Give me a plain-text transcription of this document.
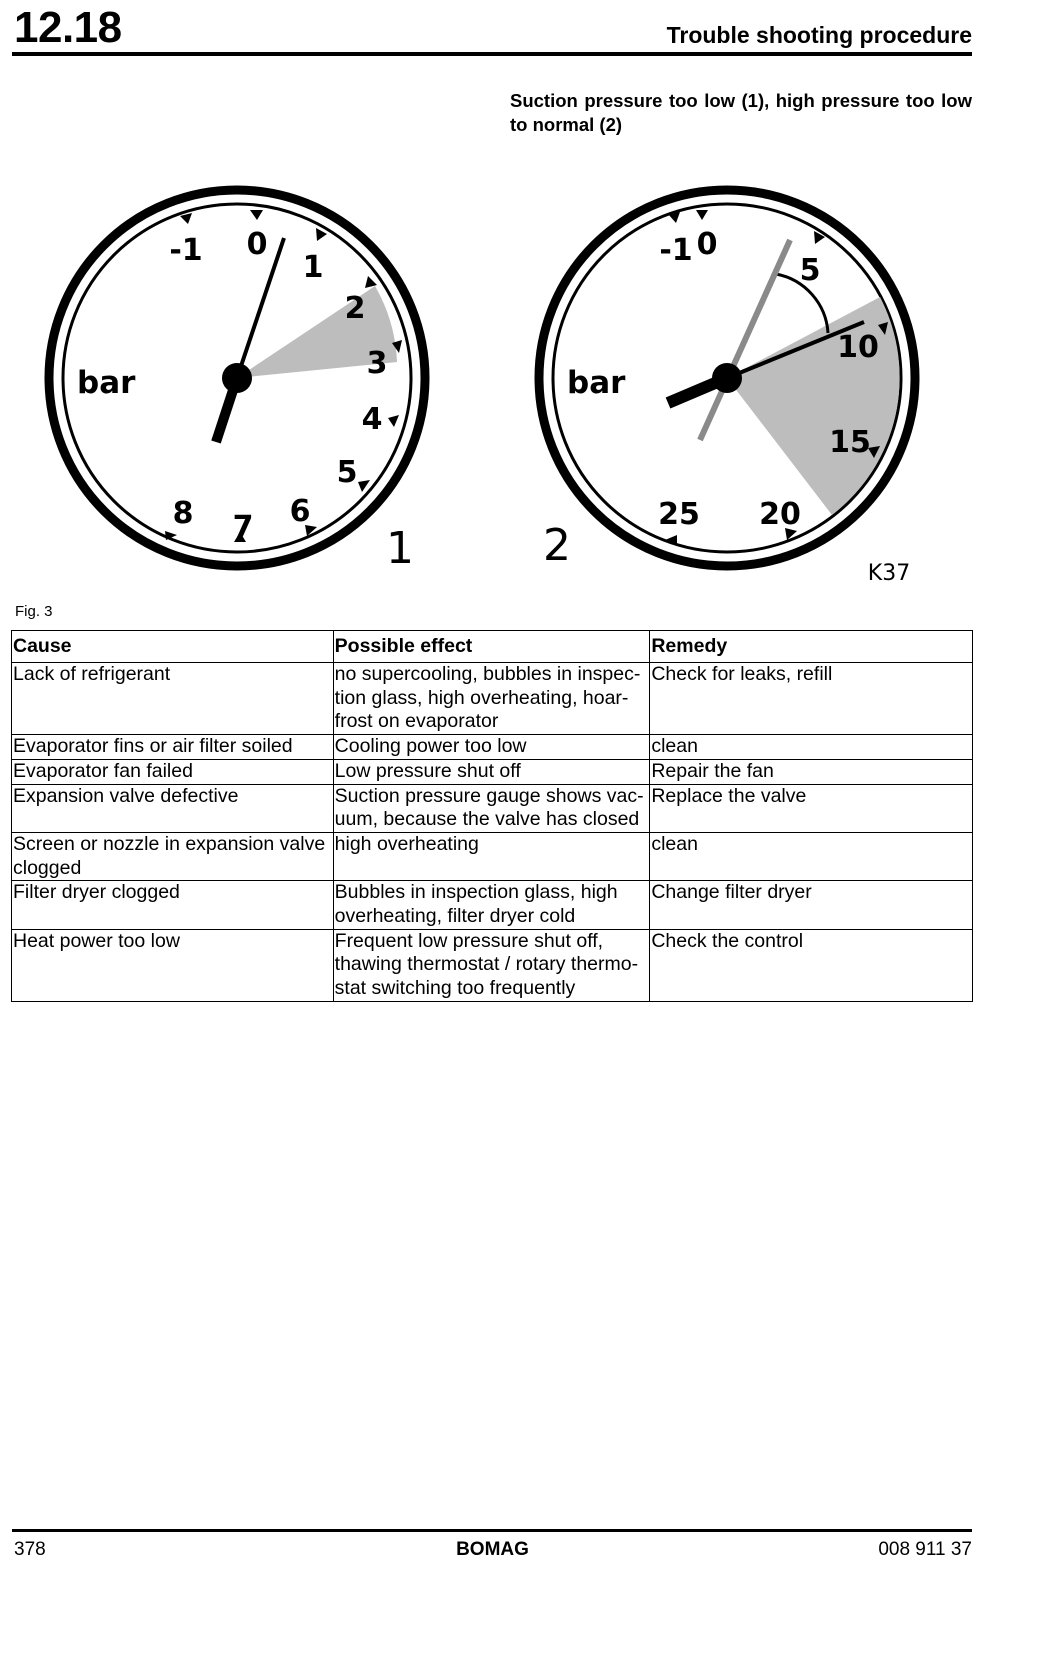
12.18	Trouble shooting procedure
Suction pressure too low (1), high pressure too low to normal (2)
-1 0
1
2
3
4
5
6
7
8
bar
1
-1 0
5
10
15
20
25
bar
2
K37
Fig. 3
Cause	Possible effect	Remedy
Lack of refrigerant	no supercooling, bubbles in inspec-
tion glass, high overheating, hoar-
frost on evaporator	Check for leaks, refill
Evaporator fins or air filter soiled	Cooling power too low	clean
Evaporator fan failed	Low pressure shut off	Repair the fan
Expansion valve defective	Suction pressure gauge shows vac-
uum, because the valve has closed	Replace the valve
Screen or nozzle in expansion valve clogged	high overheating	clean
Filter dryer clogged	Bubbles in inspection glass, high overheating, filter dryer cold	Change filter dryer
Heat power too low	Frequent low pressure shut off,
thawing thermostat / rotary thermo-
stat switching too frequently	Check the control
378	BOMAG	008 911 37
